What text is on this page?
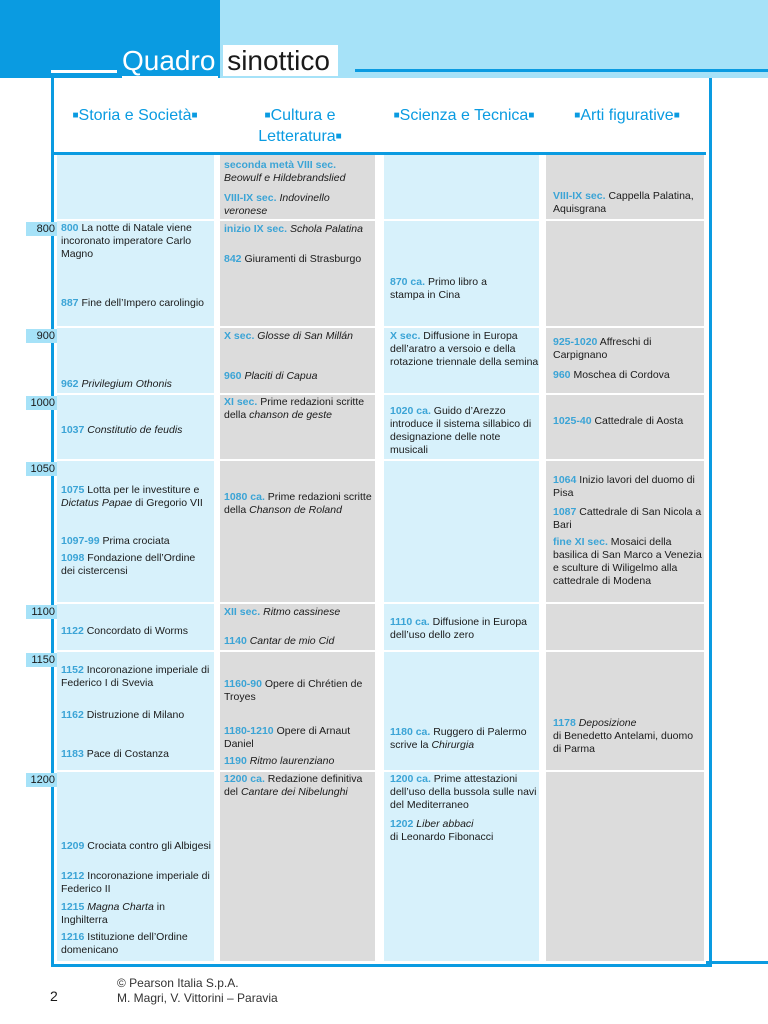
Quadro sinottico
■Storia e Società■	■Cultura e
Letteratura■
■Scienza e Tecnica■	■Arti figurative■
800
900
1000
1050
1100
1150
1200
800 La notte di Natale viene incoronato imperatore Carlo Magno
887 Fine dell’Impero carolingio
962 Privilegium Othonis
1037 Constitutio de feudis
1075 Lotta per le investiture e Dictatus Papae di Gregorio VII
1097-99 Prima crociata
1098 Fondazione dell’Ordine dei cistercensi
1122 Concordato di Worms
1152 Incoronazione imperiale di Federico I di Svevia
1162 Distruzione di Milano
1183 Pace di Costanza
1209 Crociata contro gli Albigesi
1212 Incoronazione imperiale di Federico II
1215 Magna Charta in Inghilterra
1216 Istituzione dell’Ordine domenicano
seconda metà VIII sec.
Beowulf e Hildebrandslied
VIII-IX sec. Indovinello veronese
inizio IX sec. Schola Palatina
842 Giuramenti di Strasburgo
X sec. Glosse di San Millán
960 Placiti di Capua
XI sec. Prime redazioni scritte della chanson de geste
1080 ca. Prime redazioni scritte della Chanson de Roland
XII sec. Ritmo cassinese
1140 Cantar de mio Cid
1160-90 Opere di Chrétien de Troyes
1180-1210 Opere di Arnaut Daniel
1190 Ritmo laurenziano
1200 ca. Redazione definitiva del Cantare dei Nibelunghi
870 ca. Primo libro a stampa in Cina
X sec. Diffusione in Europa dell’aratro a versoio e della rotazione triennale della semina
1020 ca. Guido d’Arezzo introduce il sistema sillabico di designazione delle note musicali
1110 ca. Diffusione in Europa dell’uso dello zero
1180 ca. Ruggero di Palermo scrive la Chirurgia
1200 ca. Prime attestazioni dell’uso della bussola sulle navi del Mediterraneo
1202 Liber abbaci
di Leonardo Fibonacci
VIII-IX sec. Cappella Palatina, Aquisgrana
925-1020 Affreschi di Carpignano
960 Moschea di Cordova
1025-40 Cattedrale di Aosta
1064 Inizio lavori del duomo di Pisa
1087 Cattedrale di San Nicola a Bari
fine XI sec. Mosaici della basilica di San Marco a Venezia e sculture di Wiligelmo alla cattedrale di Modena
1178 Deposizione
di Benedetto Antelami, duomo di Parma
2
© Pearson Italia S.p.A.
M. Magri, V. Vittorini – Paravia
